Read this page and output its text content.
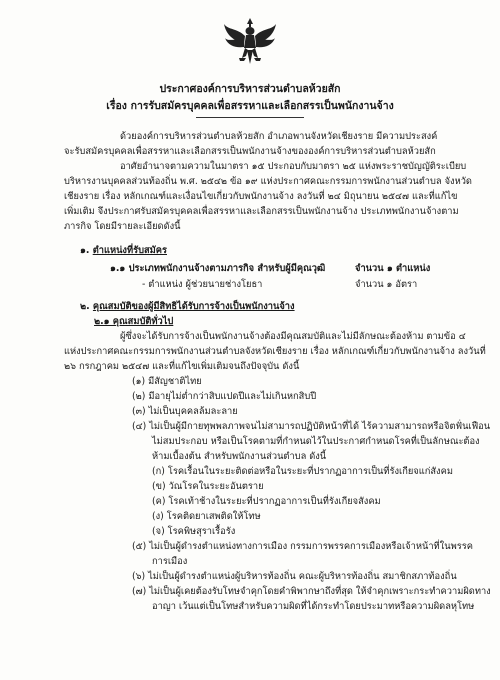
ประกาศองค์การบริหารส่วนตำบลห้วยสัก
เรื่อง การรับสมัครบุคคลเพื่อสรรหาและเลือกสรรเป็นพนักงานจ้าง
ด้วยองค์การบริหารส่วนตำบลห้วยสัก อำเภอพานจังหวัดเชียงราย มีความประสงค์
จะรับสมัครบุคคลเพื่อสรรหาและเลือกสรรเป็นพนักงานจ้างขององค์การบริหารส่วนตำบลห้วยสัก
อาศัยอำนาจตามความในมาตรา ๑๕ ประกอบกับมาตรา ๒๕ แห่งพระราชบัญญัติระเบียบ
บริหารงานบุคคลส่วนท้องถิ่น พ.ศ. ๒๕๔๒ ข้อ ๑๙ แห่งประกาศคณะกรรมการพนักงานส่วนตำบล จังหวัด
เชียงราย เรื่อง หลักเกณฑ์และเงื่อนไขเกี่ยวกับพนักงานจ้าง ลงวันที่ ๒๔ มิถุนายน ๒๕๔๗ และที่แก้ไข
เพิ่มเติม จึงประกาศรับสมัครบุคคลเพื่อสรรหาและเลือกสรรเป็นพนักงานจ้าง ประเภทพนักงานจ้างตาม
ภารกิจ โดยมีรายละเอียดดังนี้
๑. ตำแหน่งที่รับสมัคร
๑.๑ ประเภทพนักงานจ้างตามภารกิจ สำหรับผู้มีคุณวุฒิ	จำนวน ๑ ตำแหน่ง
- ตำแหน่ง ผู้ช่วยนายช่างโยธา	จำนวน ๑ อัตรา
๒. คุณสมบัติของผู้มีสิทธิได้รับการจ้างเป็นพนักงานจ้าง
๒.๑ คุณสมบัติทั่วไป
ผู้ซึ่งจะได้รับการจ้างเป็นพนักงานจ้างต้องมีคุณสมบัติและไม่มีลักษณะต้องห้าม ตามข้อ ๔
แห่งประกาศคณะกรรมการพนักงานส่วนตำบลจังหวัดเชียงราย เรื่อง หลักเกณฑ์เกี่ยวกับพนักงานจ้าง ลงวันที่
๒๖ กรกฎาคม ๒๕๔๗ และที่แก้ไขเพิ่มเติมจนถึงปัจจุบัน ดังนี้
(๑) มีสัญชาติไทย
(๒) มีอายุไม่ต่ำกว่าสิบแปดปีและไม่เกินหกสิบปี
(๓) ไม่เป็นบุคคลล้มละลาย
(๔) ไม่เป็นผู้มีกายทุพพลภาพจนไม่สามารถปฏิบัติหน้าที่ได้ ไร้ความสามารถหรือจิตฟั่นเฟือน
ไม่สมประกอบ หรือเป็นโรคตามที่กำหนดไว้ในประกาศกำหนดโรคที่เป็นลักษณะต้อง
ห้ามเบื้องต้น สำหรับพนักงานส่วนตำบล ดังนี้
(ก) โรคเรื้อนในระยะติดต่อหรือในระยะที่ปรากฏอาการเป็นที่รังเกียจแก่สังคม
(ข) วัณโรคในระยะอันตราย
(ค) โรคเท้าช้างในระยะที่ปรากฏอาการเป็นที่รังเกียจสังคม
(ง) โรคติดยาเสพติดให้โทษ
(จ) โรคพิษสุราเรื้อรัง
(๕) ไม่เป็นผู้ดำรงตำแหน่งทางการเมือง กรรมการพรรคการเมืองหรือเจ้าหน้าที่ในพรรค
การเมือง
(๖) ไม่เป็นผู้ดำรงตำแหน่งผู้บริหารท้องถิ่น คณะผู้บริหารท้องถิ่น สมาชิกสภาท้องถิ่น
(๗) ไม่เป็นผู้เคยต้องรับโทษจำคุกโดยคำพิพากษาถึงที่สุด ให้จำคุกเพราะกระทำความผิดทาง
อาญา เว้นแต่เป็นโทษสำหรับความผิดที่ได้กระทำโดยประมาทหรือความผิดลหุโทษ
